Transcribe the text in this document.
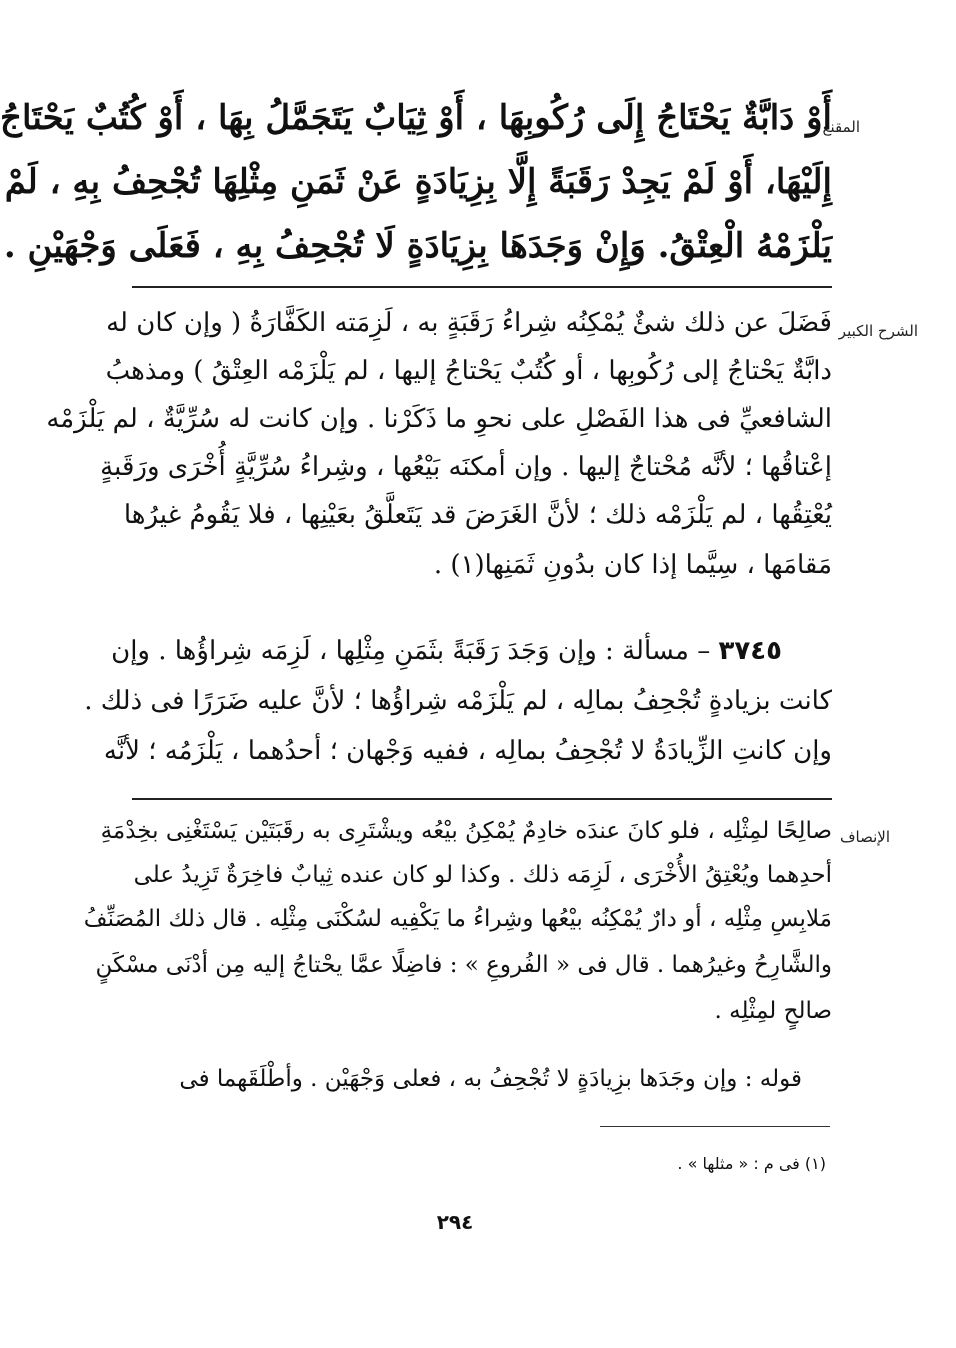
المقنع
أَوْ دَابَّةٌ يَحْتَاجُ إِلَى رُكُوبِهَا ، أَوْ ثِيَابٌ يَتَجَمَّلُ بِهَا ، أَوْ كُتُبٌ يَحْتَاجُ
إِلَيْهَا، أَوْ لَمْ يَجِدْ رَقَبَةً إِلَّا بِزِيَادَةٍ عَنْ ثَمَنِ مِثْلِهَا تُجْحِفُ بِهِ ، لَمْ
يَلْزَمْهُ الْعِتْقُ. وَإِنْ وَجَدَهَا بِزِيَادَةٍ لَا تُجْحِفُ بِهِ ، فَعَلَى وَجْهَيْنِ .
الشرح الكبير
فَضَلَ عن ذلك شئٌ يُمْكِنُه شِراءُ رَقَبَةٍ به ، لَزِمَته الكَفَّارَةُ ( وإن كان له
دابَّةٌ يَحْتاجُ إلى رُكُوبِها ، أو كُتُبٌ يَحْتاجُ إليها ، لم يَلْزَمْه العِتْقُ ) ومذهبُ
الشافعيِّ فى هذا الفَصْلِ على نحوِ ما ذَكَرْنا . وإن كانت له سُرِّيَّةٌ ، لم يَلْزَمْه
إعْتاقُها ؛ لأنَّه مُحْتاجٌ إليها . وإن أمكنَه بَيْعُها ، وشِراءُ سُرِّيَّةٍ أُخْرَى ورَقَبةٍ
يُعْتِقُها ، لم يَلْزَمْه ذلك ؛ لأنَّ الغَرَضَ قد يَتَعلَّقُ بعَيْنِها ، فلا يَقُومُ غيرُها
مَقامَها ، سِيَّما إذا كان بدُونِ ثَمَنِها(١) .
٣٧٤٥ – مسألة : وإن وَجَدَ رَقَبَةً بثَمَنِ مِثْلِها ، لَزِمَه شِراؤُها . وإن
كانت بزيادةٍ تُجْحِفُ بمالِه ، لم يَلْزَمْه شِراؤُها ؛ لأنَّ عليه ضَرَرًا فى ذلك .
وإن كانتِ الزِّيادَةُ لا تُجْحِفُ بمالِه ، ففيه وَجْهان ؛ أحدُهما ، يَلْزَمُه ؛ لأنَّه
الإنصاف
صالِحًا لمِثْلِه ، فلو كانَ عندَه خادِمٌ يُمْكِنُ بيْعُه ويشْتَرِى به رقَبَتَيْن يَسْتَغْنِى بخِدْمَةِ
أحدِهما ويُعْتِقُ الأُخْرَى ، لَزِمَه ذلك . وكذا لو كان عنده ثِيابٌ فاخِرَةٌ تَزِيدُ على
مَلابِسِ مِثْلِه ، أو دارٌ يُمْكِنُه بيْعُها وشِراءُ ما يَكْفِيه لسُكْنَى مِثْلِه . قال ذلك المُصَنِّفُ
والشَّارِحُ وغيرُهما . قال فى « الفُروعِ » : فاضِلًا عمَّا يحْتاجُ إليه مِن أدْنَى مسْكَنٍ
صالحٍ لمِثْلِه .
قوله : وإن وجَدَها بزِيادَةٍ لا تُجْحِفُ به ، فعلى وَجْهَيْن . وأطْلَقَهما فى
(١) فى م : « مثلها » .
٢٩٤
